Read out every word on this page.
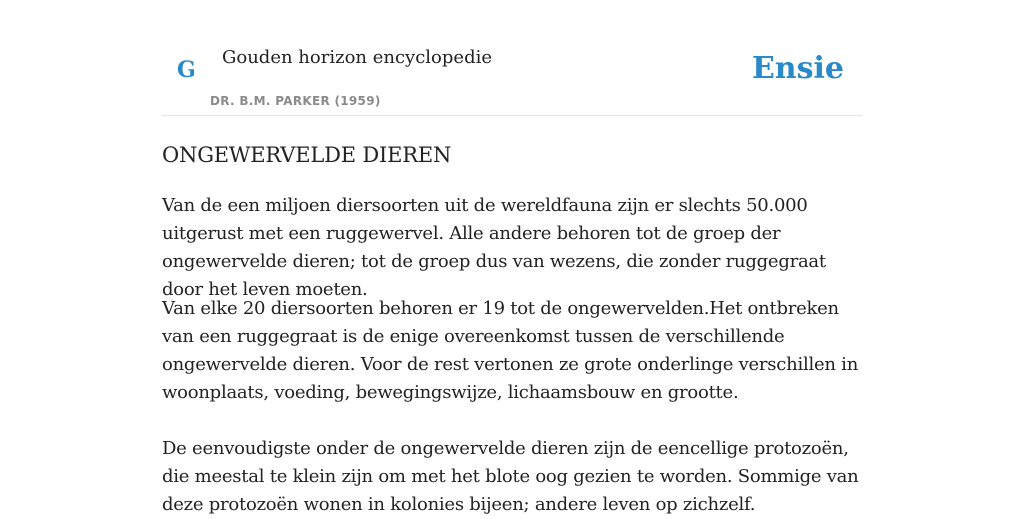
G Gouden horizon encyclopedie
DR. B.M. PARKER (1959)
Ensie
ONGEWERVELDE DIEREN

Van de een miljoen diersoorten uit de wereldfauna zijn er slechts 50.000 uitgerust met een ruggewervel. Alle andere behoren tot de groep der ongewervelde dieren; tot de groep dus van wezens, die zonder ruggegraat door het leven moeten.

Van elke 20 diersoorten behoren er 19 tot de ongewervelden.Het ontbreken van een ruggegraat is de enige overeenkomst tussen de verschillende ongewervelde dieren. Voor de rest vertonen ze grote onderlinge verschillen in woonplaats, voeding, bewegingswijze, lichaamsbouw en grootte.

De eenvoudigste onder de ongewervelde dieren zijn de eencellige protozoën, die meestal te klein zijn om met het blote oog gezien te worden. Sommige van deze protozoën wonen in kolonies bijeen; andere leven op zichzelf.
